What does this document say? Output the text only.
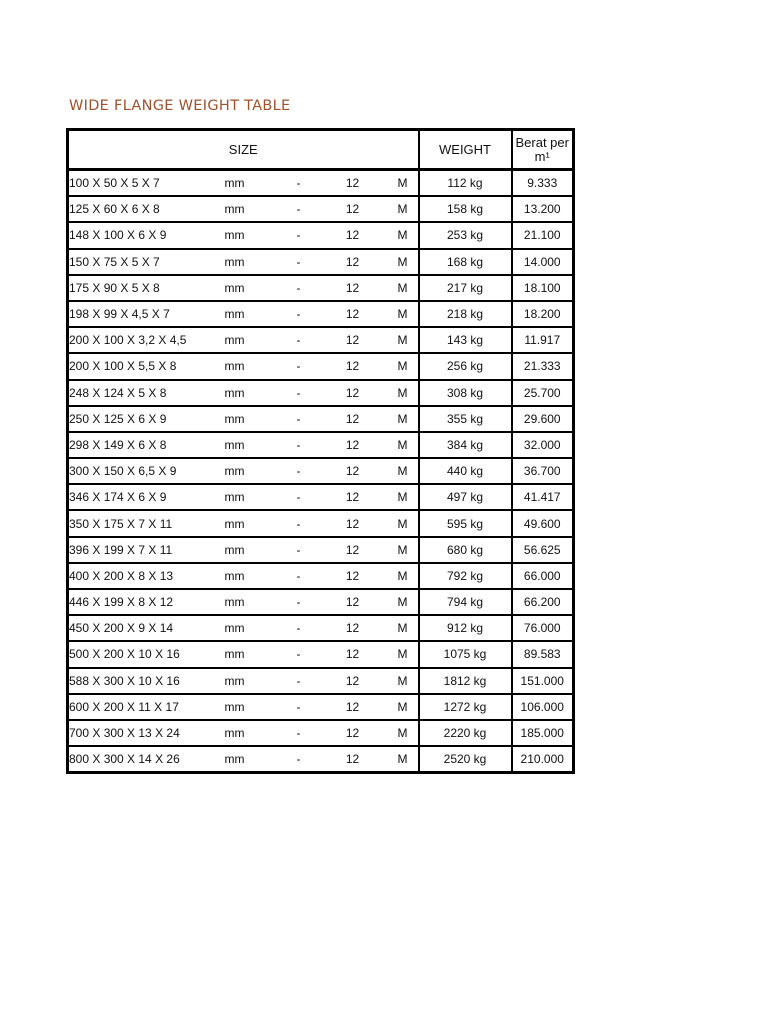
WIDE FLANGE WEIGHT TABLE
SIZE					WEIGHT	Berat per m¹
100 X 50 X 5 X 7	mm	-	12	M	112 kg	9.333
125 X 60 X 6 X 8	mm	-	12	M	158 kg	13.200
148 X 100 X 6 X 9	mm	-	12	M	253 kg	21.100
150 X 75 X 5 X 7	mm	-	12	M	168 kg	14.000
175 X 90 X 5 X 8	mm	-	12	M	217 kg	18.100
198 X 99 X 4,5 X 7	mm	-	12	M	218 kg	18.200
200 X 100 X 3,2 X 4,5	mm	-	12	M	143 kg	11.917
200 X 100 X 5,5 X 8	mm	-	12	M	256 kg	21.333
248 X 124 X 5 X 8	mm	-	12	M	308 kg	25.700
250 X 125 X 6 X 9	mm	-	12	M	355 kg	29.600
298 X 149 X 6 X 8	mm	-	12	M	384 kg	32.000
300 X 150 X 6,5 X 9	mm	-	12	M	440 kg	36.700
346 X 174 X 6 X 9	mm	-	12	M	497 kg	41.417
350 X 175 X 7 X 11	mm	-	12	M	595 kg	49.600
396 X 199 X 7 X 11	mm	-	12	M	680 kg	56.625
400 X 200 X 8 X 13	mm	-	12	M	792 kg	66.000
446 X 199 X 8 X 12	mm	-	12	M	794 kg	66.200
450 X 200 X 9 X 14	mm	-	12	M	912 kg	76.000
500 X 200 X 10 X 16	mm	-	12	M	1075 kg	89.583
588 X 300 X 10 X 16	mm	-	12	M	1812 kg	151.000
600 X 200 X 11 X 17	mm	-	12	M	1272 kg	106.000
700 X 300 X 13 X 24	mm	-	12	M	2220 kg	185.000
800 X 300 X 14 X 26	mm	-	12	M	2520 kg	210.000
